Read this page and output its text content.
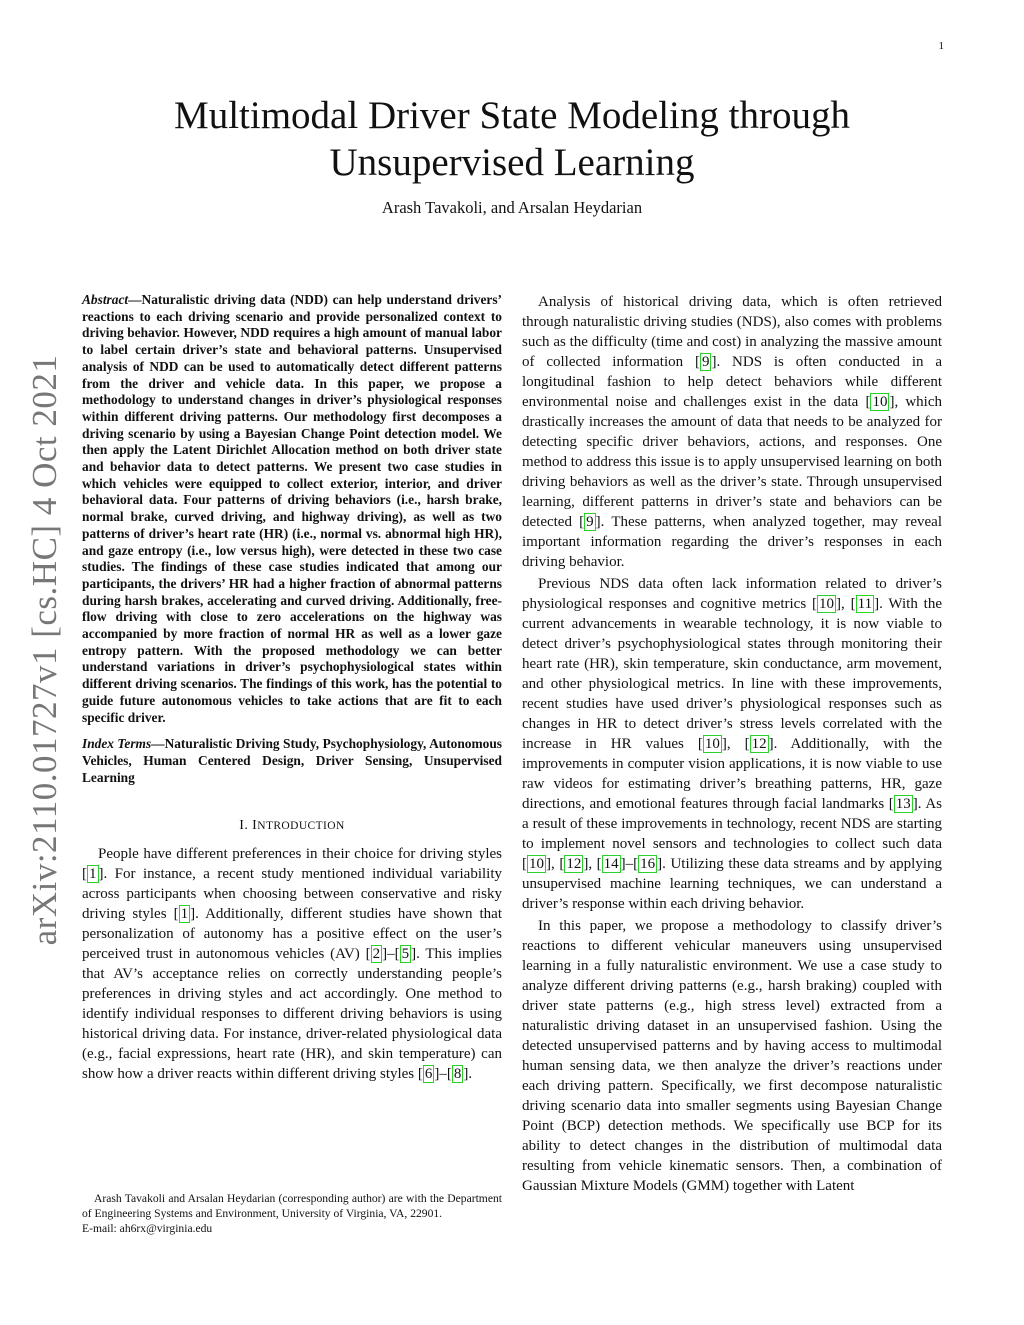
1
arXiv:2110.01727v1 [cs.HC] 4 Oct 2021
Multimodal Driver State Modeling through Unsupervised Learning
Arash Tavakoli, and Arsalan Heydarian

Abstract—Naturalistic driving data (NDD) can help understand drivers’ reactions to each driving scenario and provide personalized context to driving behavior. However, NDD requires a high amount of manual labor to label certain driver’s state and behavioral patterns. Unsupervised analysis of NDD can be used to automatically detect different patterns from the driver and vehicle data. In this paper, we propose a methodology to understand changes in driver’s physiological responses within different driving patterns. Our methodology first decomposes a driving scenario by using a Bayesian Change Point detection model. We then apply the Latent Dirichlet Allocation method on both driver state and behavior data to detect patterns. We present two case studies in which vehicles were equipped to collect exterior, interior, and driver behavioral data. Four patterns of driving behaviors (i.e., harsh brake, normal brake, curved driving, and highway driving), as well as two patterns of driver’s heart rate (HR) (i.e., normal vs. abnormal high HR), and gaze entropy (i.e., low versus high), were detected in these two case studies. The findings of these case studies indicated that among our participants, the drivers’ HR had a higher fraction of abnormal patterns during harsh brakes, accelerating and curved driving. Additionally, free-flow driving with close to zero accelerations on the highway was accompanied by more fraction of normal HR as well as a lower gaze entropy pattern. With the proposed methodology we can better understand variations in driver’s psychophysiological states within different driving scenarios. The findings of this work, has the potential to guide future autonomous vehicles to take actions that are fit to each specific driver.

Index Terms—Naturalistic Driving Study, Psychophysiology, Autonomous Vehicles, Human Centered Design, Driver Sensing, Unsupervised Learning

I. INTRODUCTION

People have different preferences in their choice for driving styles [ 1 ]. For instance, a recent study mentioned individual variability across participants when choosing between conservative and risky driving styles [ 1 ]. Additionally, different studies have shown that personalization of autonomy has a positive effect on the user’s perceived trust in autonomous vehicles (AV) [ 2 ]–[ 5 ]. This implies that AV’s acceptance relies on correctly understanding people’s preferences in driving styles and act accordingly. One method to identify individual responses to different driving behaviors is using historical driving data. For instance, driver-related physiological data (e.g., facial expressions, heart rate (HR), and skin temperature) can show how a driver reacts within different driving styles [ 6 ]–[ 8 ].

Analysis of historical driving data, which is often retrieved through naturalistic driving studies (NDS), also comes with problems such as the difficulty (time and cost) in analyzing the massive amount of collected information [ 9 ]. NDS is often conducted in a longitudinal fashion to help detect behaviors while different environmental noise and challenges exist in the data [ 10 ], which drastically increases the amount of data that needs to be analyzed for detecting specific driver behaviors, actions, and responses. One method to address this issue is to apply unsupervised learning on both driving behaviors as well as the driver’s state. Through unsupervised learning, different patterns in driver’s state and behaviors can be detected [ 9 ]. These patterns, when analyzed together, may reveal important information regarding the driver’s responses in each driving behavior.

Previous NDS data often lack information related to driver’s physiological responses and cognitive metrics [ 10 ], [ 11 ]. With the current advancements in wearable technology, it is now viable to detect driver’s psychophysiological states through monitoring their heart rate (HR), skin temperature, skin conductance, arm movement, and other physiological metrics. In line with these improvements, recent studies have used driver’s physiological responses such as changes in HR to detect driver’s stress levels correlated with the increase in HR values [ 10 ], [ 12 ]. Additionally, with the improvements in computer vision applications, it is now viable to use raw videos for estimating driver’s breathing patterns, HR, gaze directions, and emotional features through facial landmarks [ 13 ]. As a result of these improvements in technology, recent NDS are starting to implement novel sensors and technologies to collect such data [ 10 ], [ 12 ], [ 14 ]–[ 16 ]. Utilizing these data streams and by applying unsupervised machine learning techniques, we can understand a driver’s response within each driving behavior.

In this paper, we propose a methodology to classify driver’s reactions to different vehicular maneuvers using unsupervised learning in a fully naturalistic environment. We use a case study to analyze different driving patterns (e.g., harsh braking) coupled with driver state patterns (e.g., high stress level) extracted from a naturalistic driving dataset in an unsupervised fashion. Using the detected unsupervised patterns and by having access to multimodal human sensing data, we then analyze the driver’s reactions under each driving pattern. Specifically, we first decompose naturalistic driving scenario data into smaller segments using Bayesian Change Point (BCP) detection methods. We specifically use BCP for its ability to detect changes in the distribution of multimodal data resulting from vehicle kinematic sensors. Then, a combination of Gaussian Mixture Models (GMM) together with Latent

Arash Tavakoli and Arsalan Heydarian (corresponding author) are with the Department of Engineering Systems and Environment, University of Virginia, VA, 22901.

E-mail: ah6rx@virginia.edu
